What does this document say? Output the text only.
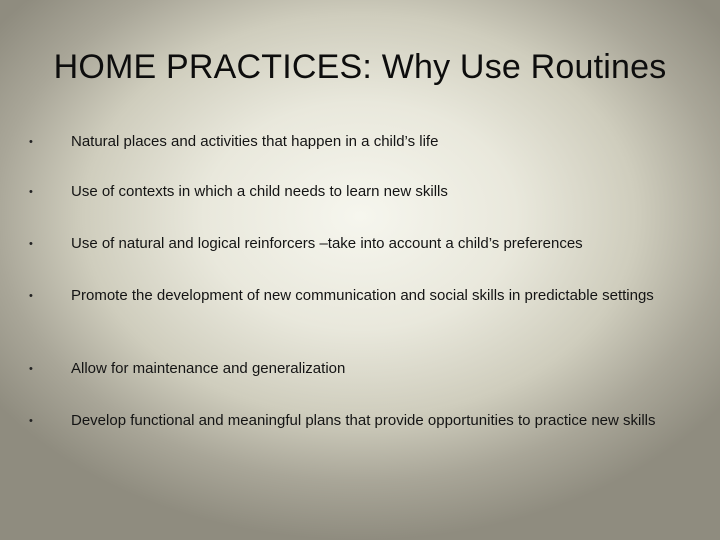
HOME PRACTICES: Why Use Routines
•	Natural places and activities that happen in a child’s life
•	Use of contexts in which a child needs to learn new skills
•	Use of natural and logical reinforcers –take into account a child’s preferences
•	Promote the development of new communication and social skills in predictable settings
•	Allow for maintenance and generalization
•	Develop functional and meaningful plans that provide opportunities to practice new skills
